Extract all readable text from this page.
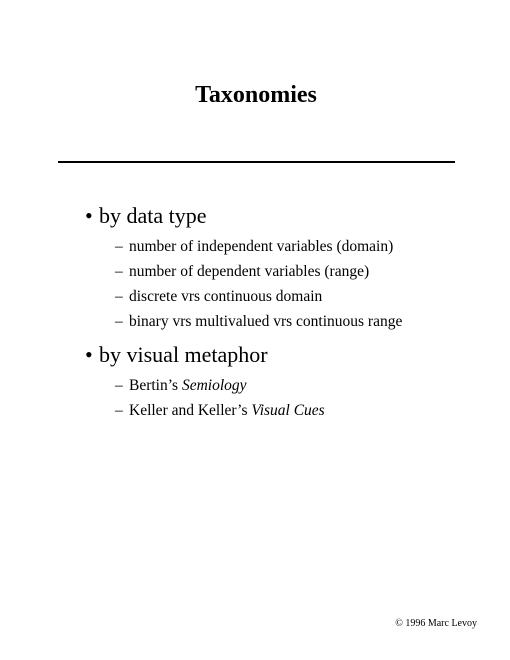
Taxonomies
• by data type
– number of independent variables (domain)
– number of dependent variables (range)
– discrete vrs continuous domain
– binary vrs multivalued vrs continuous range
• by visual metaphor
– Bertin’s Semiology
– Keller and Keller’s Visual Cues
© 1996 Marc Levoy
